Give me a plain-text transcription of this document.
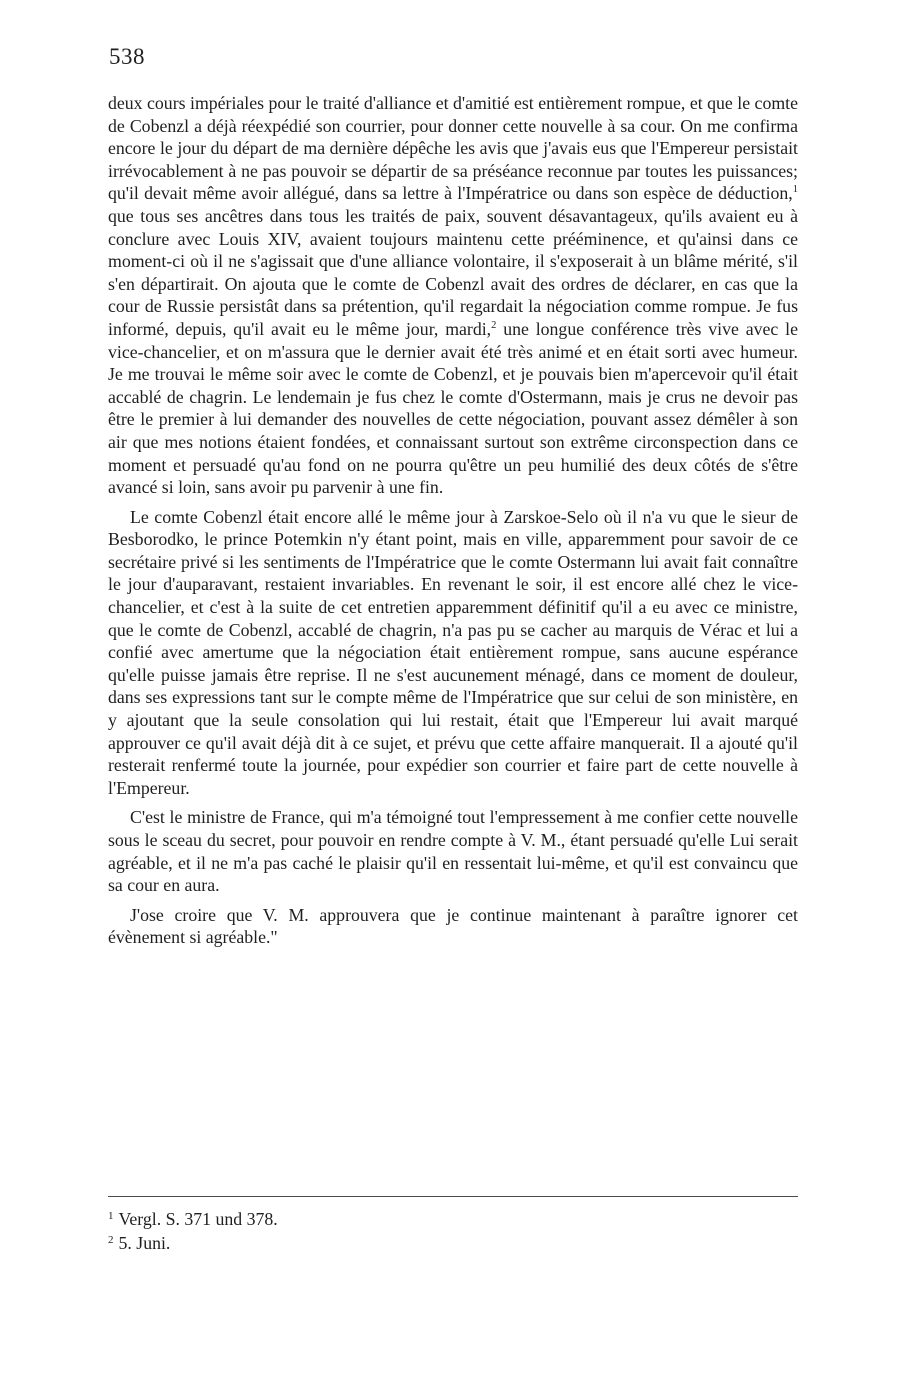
538

deux cours impériales pour le traité d'alliance et d'amitié est entièrement rompue, et que le comte de Cobenzl a déjà réexpédié son courrier, pour donner cette nouvelle à sa cour. On me confirma encore le jour du départ de ma dernière dépêche les avis que j'avais eus que l'Empereur persistait irrévocablement à ne pas pouvoir se départir de sa préséance reconnue par toutes les puissances; qu'il devait même avoir allégué, dans sa lettre à l'Impératrice ou dans son espèce de déduction,$^1$ que tous ses ancêtres dans tous les traités de paix, souvent désavantageux, qu'ils avaient eu à conclure avec Louis XIV, avaient toujours maintenu cette prééminence, et qu'ainsi dans ce moment-ci où il ne s'agissait que d'une alliance volontaire, il s'exposerait à un blâme mérité, s'il s'en départirait. On ajouta que le comte de Cobenzl avait des ordres de déclarer, en cas que la cour de Russie persistât dans sa prétention, qu'il regardait la négociation comme rompue. Je fus informé, depuis, qu'il avait eu le même jour, mardi,$^2$ une longue conférence très vive avec le vice-chancelier, et on m'assura que le dernier avait été très animé et en était sorti avec humeur. Je me trouvai le même soir avec le comte de Cobenzl, et je pouvais bien m'apercevoir qu'il était accablé de chagrin. Le lendemain je fus chez le comte d'Ostermann, mais je crus ne devoir pas être le premier à lui demander des nouvelles de cette négociation, pouvant assez démêler à son air que mes notions étaient fondées, et connaissant surtout son extrême circonspection dans ce moment et persuadé qu'au fond on ne pourra qu'être un peu humilié des deux côtés de s'être avancé si loin, sans avoir pu parvenir à une fin.

Le comte Cobenzl était encore allé le même jour à Zarskoe-Selo où il n'a vu que le sieur de Besborodko, le prince Potemkin n'y étant point, mais en ville, apparemment pour savoir de ce secrétaire privé si les sentiments de l'Impératrice que le comte Ostermann lui avait fait connaître le jour d'auparavant, restaient invariables. En revenant le soir, il est encore allé chez le vice-chancelier, et c'est à la suite de cet entretien apparemment définitif qu'il a eu avec ce ministre, que le comte de Cobenzl, accablé de chagrin, n'a pas pu se cacher au marquis de Vérac et lui a confié avec amertume que la négociation était entièrement rompue, sans aucune espérance qu'elle puisse jamais être reprise. Il ne s'est aucunement ménagé, dans ce moment de douleur, dans ses expressions tant sur le compte même de l'Impératrice que sur celui de son ministère, en y ajoutant que la seule consolation qui lui restait, était que l'Empereur lui avait marqué approuver ce qu'il avait déjà dit à ce sujet, et prévu que cette affaire manquerait. Il a ajouté qu'il resterait renfermé toute la journée, pour expédier son courrier et faire part de cette nouvelle à l'Empereur.

C'est le ministre de France, qui m'a témoigné tout l'empressement à me confier cette nouvelle sous le sceau du secret, pour pouvoir en rendre compte à V. M., étant persuadé qu'elle Lui serait agréable, et il ne m'a pas caché le plaisir qu'il en ressentait lui-même, et qu'il est convaincu que sa cour en aura.

J'ose croire que V. M. approuvera que je continue maintenant à paraître ignorer cet évènement si agréable."

$^1$ Vergl. S. 371 und 378.

$^2$ 5. Juni.
